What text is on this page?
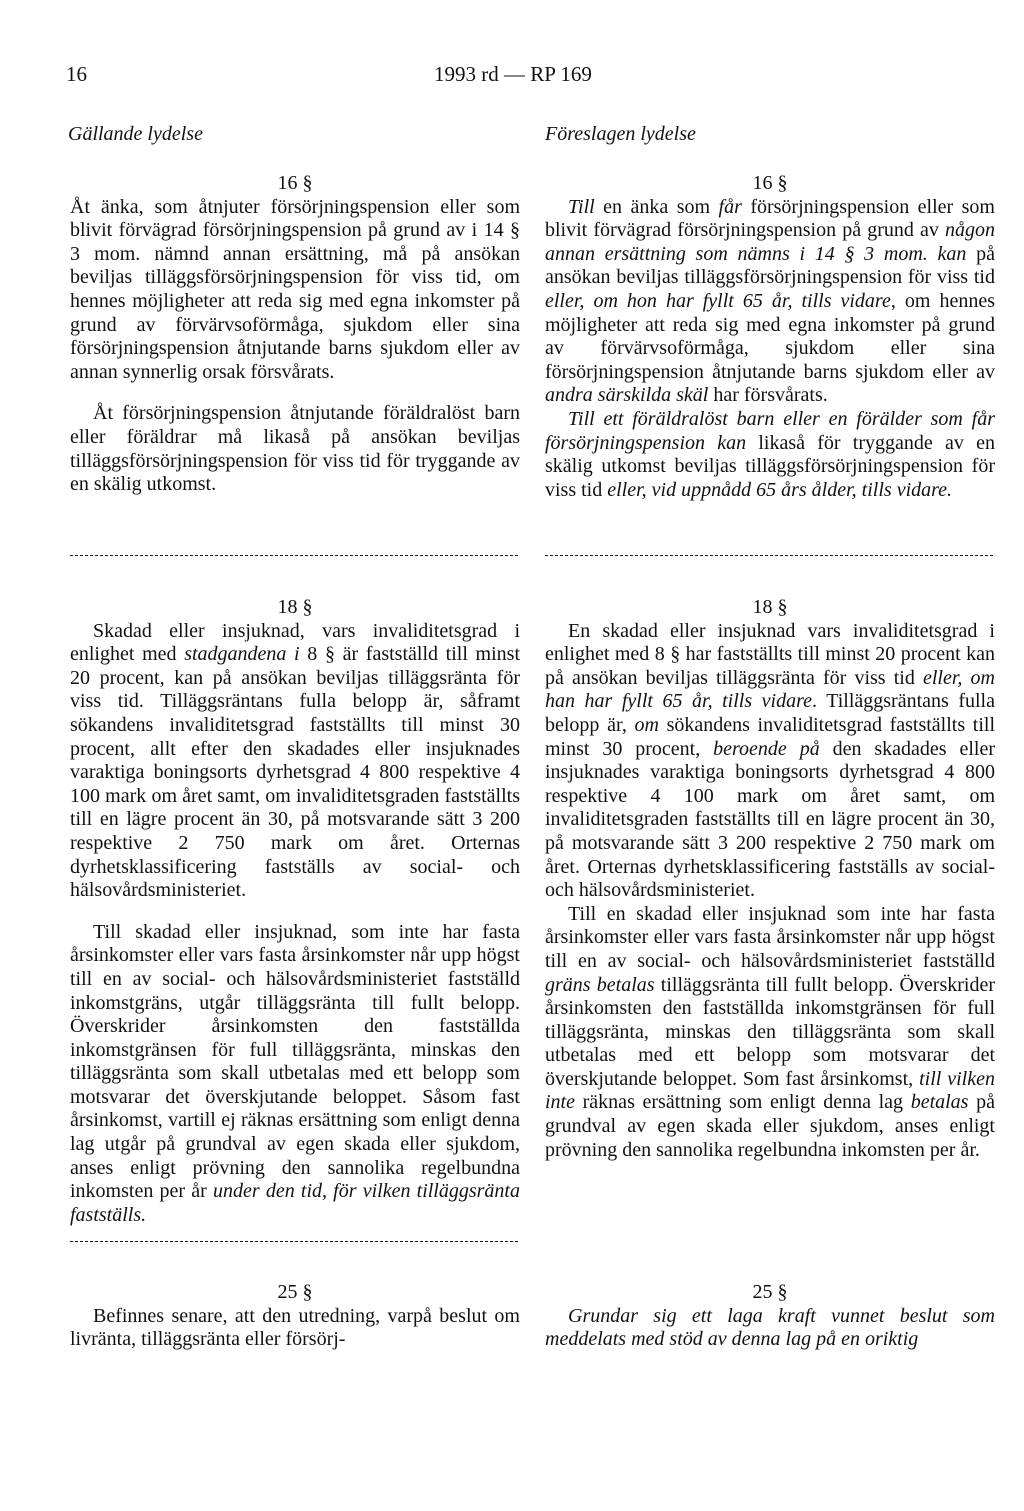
16	1993 rd — RP 169
Gällande lydelse	Föreslagen lydelse

16 §

Åt änka, som åtnjuter försörjningspension eller som blivit förvägrad försörjningspension på grund av i 14 § 3 mom. nämnd annan ersättning, må på ansökan beviljas tilläggsförsörjningspension för viss tid, om hennes möjligheter att reda sig med egna inkomster på grund av förvärvsoförmåga, sjukdom eller sina försörjningspension åtnjutande barns sjukdom eller av annan synnerlig orsak försvårats.

Åt försörjningspension åtnjutande föräldralöst barn eller föräldrar må likaså på ansökan beviljas tilläggsförsörjningspension för viss tid för tryggande av en skälig utkomst.

16 §

Till en änka som får försörjningspension eller som blivit förvägrad försörjningspension på grund av någon annan ersättning som nämns i 14 § 3 mom. kan på ansökan beviljas tilläggsförsörjningspension för viss tid eller, om hon har fyllt 65 år, tills vidare, om hennes möjligheter att reda sig med egna inkomster på grund av förvärvsoförmåga, sjukdom eller sina försörjningspension åtnjutande barns sjukdom eller av andra särskilda skäl har försvårats.

Till ett föräldralöst barn eller en förälder som får försörjningspension kan likaså för tryggande av en skälig utkomst beviljas tilläggsförsörjningspension för viss tid eller, vid uppnådd 65 års ålder, tills vidare.

18 §

Skadad eller insjuknad, vars invaliditetsgrad i enlighet med stadgandena i 8 § är fastställd till minst 20 procent, kan på ansökan beviljas tilläggsränta för viss tid. Tilläggsräntans fulla belopp är, såframt sökandens invaliditetsgrad fastställts till minst 30 procent, allt efter den skadades eller insjuknades varaktiga boningsorts dyrhetsgrad 4 800 respektive 4 100 mark om året samt, om invaliditetsgraden fastställts till en lägre procent än 30, på motsvarande sätt 3 200 respektive 2 750 mark om året. Orternas dyrhetsklassificering fastställs av social- och hälsovårdsministeriet.

Till skadad eller insjuknad, som inte har fasta årsinkomster eller vars fasta årsinkomster når upp högst till en av social- och hälsovårdsministeriet fastställd inkomstgräns, utgår tilläggsränta till fullt belopp. Överskrider årsinkomsten den fastställda inkomstgränsen för full tilläggsränta, minskas den tilläggsränta som skall utbetalas med ett belopp som motsvarar det överskjutande beloppet. Såsom fast årsinkomst, vartill ej räknas ersättning som enligt denna lag utgår på grundval av egen skada eller sjukdom, anses enligt prövning den sannolika regelbundna inkomsten per år under den tid, för vilken tilläggsränta fastställs.

18 §

En skadad eller insjuknad vars invaliditetsgrad i enlighet med 8 § har fastställts till minst 20 procent kan på ansökan beviljas tilläggsränta för viss tid eller, om han har fyllt 65 år, tills vidare. Tilläggsräntans fulla belopp är, om sökandens invaliditetsgrad fastställts till minst 30 procent, beroende på den skadades eller insjuknades varaktiga boningsorts dyrhetsgrad 4 800 respektive 4 100 mark om året samt, om invaliditetsgraden fastställts till en lägre procent än 30, på motsvarande sätt 3 200 respektive 2 750 mark om året. Orternas dyrhetsklassificering fastställs av social- och hälsovårdsministeriet.

Till en skadad eller insjuknad som inte har fasta årsinkomster eller vars fasta årsinkomster når upp högst till en av social- och hälsovårdsministeriet fastställd gräns betalas tilläggsränta till fullt belopp. Överskrider årsinkomsten den fastställda inkomstgränsen för full tilläggsränta, minskas den tilläggsränta som skall utbetalas med ett belopp som motsvarar det överskjutande beloppet. Som fast årsinkomst, till vilken inte räknas ersättning som enligt denna lag betalas på grundval av egen skada eller sjukdom, anses enligt prövning den sannolika regelbundna inkomsten per år.

25 §

Befinnes senare, att den utredning, varpå beslut om livränta, tilläggsränta eller försörj-

25 §

Grundar sig ett laga kraft vunnet beslut som meddelats med stöd av denna lag på en oriktig
